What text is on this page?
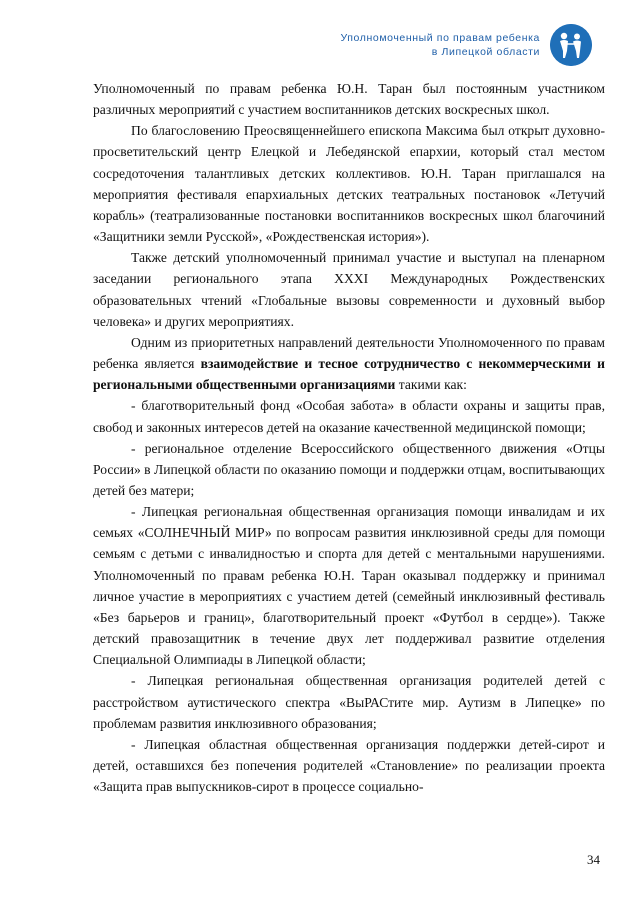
Уполномоченный по правам ребенка
в Липецкой области

Уполномоченный по правам ребенка Ю.Н. Таран был постоянным участником различных мероприятий с участием воспитанников детских воскресных школ.

По благословению Преосвященнейшего епископа Максима был открыт духовно-просветительский центр Елецкой и Лебедянской епархии, который стал местом сосредоточения талантливых детских коллективов. Ю.Н. Таран приглашался на мероприятия фестиваля епархиальных детских театральных постановок «Летучий корабль» (театрализованные постановки воспитанников воскресных школ благочиний «Защитники земли Русской», «Рождественская история»).

Также детский уполномоченный принимал участие и выступал на пленарном заседании регионального этапа XXXI Международных Рождественских образовательных чтений «Глобальные вызовы современности и духовный выбор человека» и других мероприятиях.

Одним из приоритетных направлений деятельности Уполномоченного по правам ребенка является взаимодействие и тесное сотрудничество с некоммерческими и региональными общественными организациями такими как:

- благотворительный фонд «Особая забота» в области охраны и защиты прав, свобод и законных интересов детей на оказание качественной медицинской помощи;

- региональное отделение Всероссийского общественного движения «Отцы России» в Липецкой области по оказанию помощи и поддержки отцам, воспитывающих детей без матери;

- Липецкая региональная общественная организация помощи инвалидам и их семьях «СОЛНЕЧНЫЙ МИР» по вопросам развития инклюзивной среды для помощи семьям с детьми с инвалидностью и спорта для детей с ментальными нарушениями. Уполномоченный по правам ребенка Ю.Н. Таран оказывал поддержку и принимал личное участие в мероприятиях с участием детей (семейный инклюзивный фестиваль «Без барьеров и границ», благотворительный проект «Футбол в сердце»). Также детский правозащитник в течение двух лет поддерживал развитие отделения Специальной Олимпиады в Липецкой области;

- Липецкая региональная общественная организация родителей детей с расстройством аутистического спектра «ВыРАСтите мир. Аутизм в Липецке» по проблемам развития инклюзивного образования;

- Липецкая областная общественная организация поддержки детей-сирот и детей, оставшихся без попечения родителей «Становление» по реализации проекта «Защита прав выпускников-сирот в процессе социально-

34
